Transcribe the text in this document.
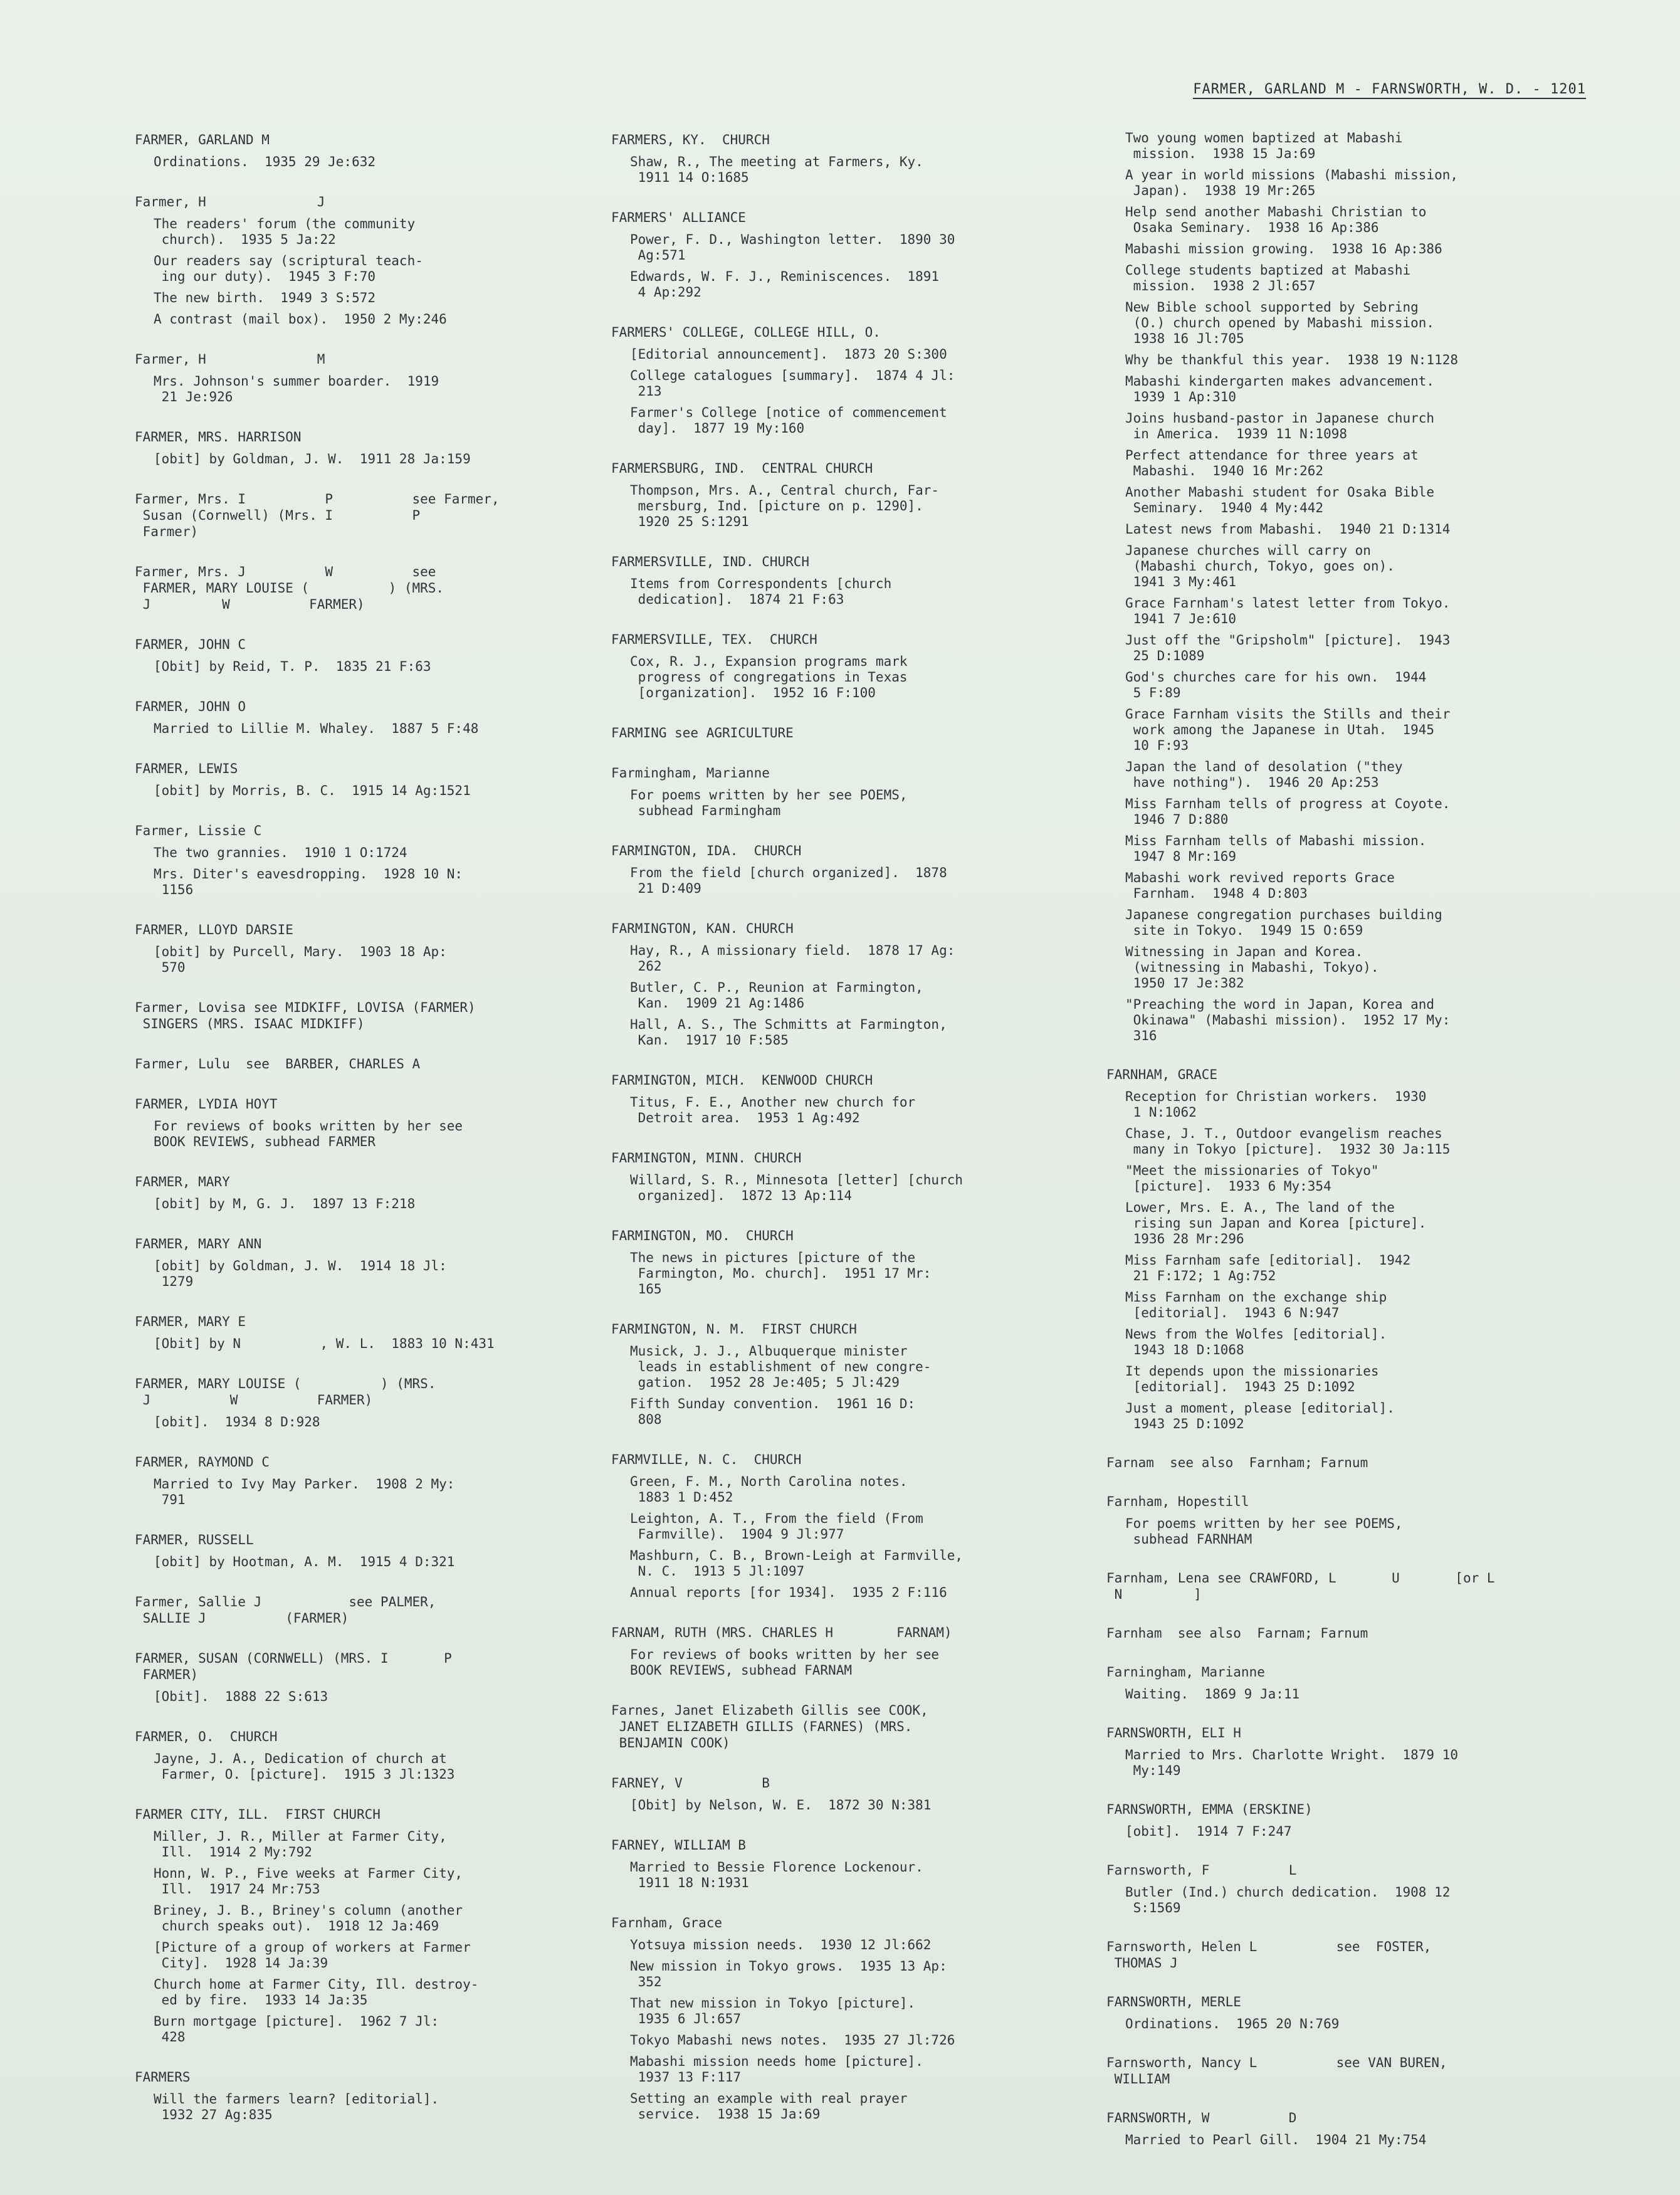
FARMER, GARLAND M - FARNSWORTH, W. D. - 1201
FARMER, GARLAND M
Ordinations.  1935 29 Je:632
Farmer, H              J
The readers' forum (the community
church).  1935 5 Ja:22
Our readers say (scriptural teach-
ing our duty).  1945 3 F:70
The new birth.  1949 3 S:572
A contrast (mail box).  1950 2 My:246
Farmer, H              M
Mrs. Johnson's summer boarder.  1919
21 Je:926
FARMER, MRS. HARRISON
[obit] by Goldman, J. W.  1911 28 Ja:159
Farmer, Mrs. I          P          see Farmer,
Susan (Cornwell) (Mrs. I          P
Farmer)
Farmer, Mrs. J          W          see
FARMER, MARY LOUISE (          ) (MRS.
J         W          FARMER)
FARMER, JOHN C
[Obit] by Reid, T. P.  1835 21 F:63
FARMER, JOHN O
Married to Lillie M. Whaley.  1887 5 F:48
FARMER, LEWIS
[obit] by Morris, B. C.  1915 14 Ag:1521
Farmer, Lissie C
The two grannies.  1910 1 O:1724
Mrs. Diter's eavesdropping.  1928 10 N:
1156
FARMER, LLOYD DARSIE
[obit] by Purcell, Mary.  1903 18 Ap:
570
Farmer, Lovisa see MIDKIFF, LOVISA (FARMER)
SINGERS (MRS. ISAAC MIDKIFF)
Farmer, Lulu  see  BARBER, CHARLES A
FARMER, LYDIA HOYT
For reviews of books written by her see
BOOK REVIEWS, subhead FARMER
FARMER, MARY
[obit] by M, G. J.  1897 13 F:218
FARMER, MARY ANN
[obit] by Goldman, J. W.  1914 18 Jl:
1279
FARMER, MARY E
[Obit] by N          , W. L.  1883 10 N:431
FARMER, MARY LOUISE (          ) (MRS.
J          W          FARMER)
[obit].  1934 8 D:928
FARMER, RAYMOND C
Married to Ivy May Parker.  1908 2 My:
791
FARMER, RUSSELL
[obit] by Hootman, A. M.  1915 4 D:321
Farmer, Sallie J           see PALMER,
SALLIE J          (FARMER)
FARMER, SUSAN (CORNWELL) (MRS. I       P
FARMER)
[Obit].  1888 22 S:613
FARMER, O.  CHURCH
Jayne, J. A., Dedication of church at
Farmer, O. [picture].  1915 3 Jl:1323
FARMER CITY, ILL.  FIRST CHURCH
Miller, J. R., Miller at Farmer City,
Ill.  1914 2 My:792
Honn, W. P., Five weeks at Farmer City,
Ill.  1917 24 Mr:753
Briney, J. B., Briney's column (another
church speaks out).  1918 12 Ja:469
[Picture of a group of workers at Farmer
City].  1928 14 Ja:39
Church home at Farmer City, Ill. destroy-
ed by fire.  1933 14 Ja:35
Burn mortgage [picture].  1962 7 Jl:
428
FARMERS
Will the farmers learn? [editorial].
1932 27 Ag:835
FARMERS, KY.  CHURCH
Shaw, R., The meeting at Farmers, Ky.
1911 14 O:1685
FARMERS' ALLIANCE
Power, F. D., Washington letter.  1890 30
Ag:571
Edwards, W. F. J., Reminiscences.  1891
4 Ap:292
FARMERS' COLLEGE, COLLEGE HILL, O.
[Editorial announcement].  1873 20 S:300
College catalogues [summary].  1874 4 Jl:
213
Farmer's College [notice of commencement
day].  1877 19 My:160
FARMERSBURG, IND.  CENTRAL CHURCH
Thompson, Mrs. A., Central church, Far-
mersburg, Ind. [picture on p. 1290].
1920 25 S:1291
FARMERSVILLE, IND. CHURCH
Items from Correspondents [church
dedication].  1874 21 F:63
FARMERSVILLE, TEX.  CHURCH
Cox, R. J., Expansion programs mark
progress of congregations in Texas
[organization].  1952 16 F:100
FARMING see AGRICULTURE
Farmingham, Marianne
For poems written by her see POEMS,
subhead Farmingham
FARMINGTON, IDA.  CHURCH
From the field [church organized].  1878
21 D:409
FARMINGTON, KAN. CHURCH
Hay, R., A missionary field.  1878 17 Ag:
262
Butler, C. P., Reunion at Farmington,
Kan.  1909 21 Ag:1486
Hall, A. S., The Schmitts at Farmington,
Kan.  1917 10 F:585
FARMINGTON, MICH.  KENWOOD CHURCH
Titus, F. E., Another new church for
Detroit area.  1953 1 Ag:492
FARMINGTON, MINN. CHURCH
Willard, S. R., Minnesota [letter] [church
organized].  1872 13 Ap:114
FARMINGTON, MO.  CHURCH
The news in pictures [picture of the
Farmington, Mo. church].  1951 17 Mr:
165
FARMINGTON, N. M.  FIRST CHURCH
Musick, J. J., Albuquerque minister
leads in establishment of new congre-
gation.  1952 28 Je:405; 5 Jl:429
Fifth Sunday convention.  1961 16 D:
808
FARMVILLE, N. C.  CHURCH
Green, F. M., North Carolina notes.
1883 1 D:452
Leighton, A. T., From the field (From
Farmville).  1904 9 Jl:977
Mashburn, C. B., Brown-Leigh at Farmville,
N. C.  1913 5 Jl:1097
Annual reports [for 1934].  1935 2 F:116
FARNAM, RUTH (MRS. CHARLES H        FARNAM)
For reviews of books written by her see
BOOK REVIEWS, subhead FARNAM
Farnes, Janet Elizabeth Gillis see COOK,
JANET ELIZABETH GILLIS (FARNES) (MRS.
BENJAMIN COOK)
FARNEY, V          B
[Obit] by Nelson, W. E.  1872 30 N:381
FARNEY, WILLIAM B
Married to Bessie Florence Lockenour.
1911 18 N:1931
Farnham, Grace
Yotsuya mission needs.  1930 12 Jl:662
New mission in Tokyo grows.  1935 13 Ap:
352
That new mission in Tokyo [picture].
1935 6 Jl:657
Tokyo Mabashi news notes.  1935 27 Jl:726
Mabashi mission needs home [picture].
1937 13 F:117
Setting an example with real prayer
service.  1938 15 Ja:69
Two young women baptized at Mabashi
mission.  1938 15 Ja:69
A year in world missions (Mabashi mission,
Japan).  1938 19 Mr:265
Help send another Mabashi Christian to
Osaka Seminary.  1938 16 Ap:386
Mabashi mission growing.  1938 16 Ap:386
College students baptized at Mabashi
mission.  1938 2 Jl:657
New Bible school supported by Sebring
(O.) church opened by Mabashi mission.
1938 16 Jl:705
Why be thankful this year.  1938 19 N:1128
Mabashi kindergarten makes advancement.
1939 1 Ap:310
Joins husband-pastor in Japanese church
in America.  1939 11 N:1098
Perfect attendance for three years at
Mabashi.  1940 16 Mr:262
Another Mabashi student for Osaka Bible
Seminary.  1940 4 My:442
Latest news from Mabashi.  1940 21 D:1314
Japanese churches will carry on
(Mabashi church, Tokyo, goes on).
1941 3 My:461
Grace Farnham's latest letter from Tokyo.
1941 7 Je:610
Just off the "Gripsholm" [picture].  1943
25 D:1089
God's churches care for his own.  1944
5 F:89
Grace Farnham visits the Stills and their
work among the Japanese in Utah.  1945
10 F:93
Japan the land of desolation ("they
have nothing").  1946 20 Ap:253
Miss Farnham tells of progress at Coyote.
1946 7 D:880
Miss Farnham tells of Mabashi mission.
1947 8 Mr:169
Mabashi work revived reports Grace
Farnham.  1948 4 D:803
Japanese congregation purchases building
site in Tokyo.  1949 15 O:659
Witnessing in Japan and Korea.
(witnessing in Mabashi, Tokyo).
1950 17 Je:382
"Preaching the word in Japan, Korea and
Okinawa" (Mabashi mission).  1952 17 My:
316
FARNHAM, GRACE
Reception for Christian workers.  1930
1 N:1062
Chase, J. T., Outdoor evangelism reaches
many in Tokyo [picture].  1932 30 Ja:115
"Meet the missionaries of Tokyo"
[picture].  1933 6 My:354
Lower, Mrs. E. A., The land of the
rising sun Japan and Korea [picture].
1936 28 Mr:296
Miss Farnham safe [editorial].  1942
21 F:172; 1 Ag:752
Miss Farnham on the exchange ship
[editorial].  1943 6 N:947
News from the Wolfes [editorial].
1943 18 D:1068
It depends upon the missionaries
[editorial].  1943 25 D:1092
Just a moment, please [editorial].
1943 25 D:1092
Farnam  see also  Farnham; Farnum
Farnham, Hopestill
For poems written by her see POEMS,
subhead FARNHAM
Farnham, Lena see CRAWFORD, L       U       [or L
N         ]
Farnham  see also  Farnam; Farnum
Farningham, Marianne
Waiting.  1869 9 Ja:11
FARNSWORTH, ELI H
Married to Mrs. Charlotte Wright.  1879 10
My:149
FARNSWORTH, EMMA (ERSKINE)
[obit].  1914 7 F:247
Farnsworth, F          L
Butler (Ind.) church dedication.  1908 12
S:1569
Farnsworth, Helen L          see  FOSTER,
THOMAS J
FARNSWORTH, MERLE
Ordinations.  1965 20 N:769
Farnsworth, Nancy L          see VAN BUREN,
WILLIAM
FARNSWORTH, W          D
Married to Pearl Gill.  1904 21 My:754
